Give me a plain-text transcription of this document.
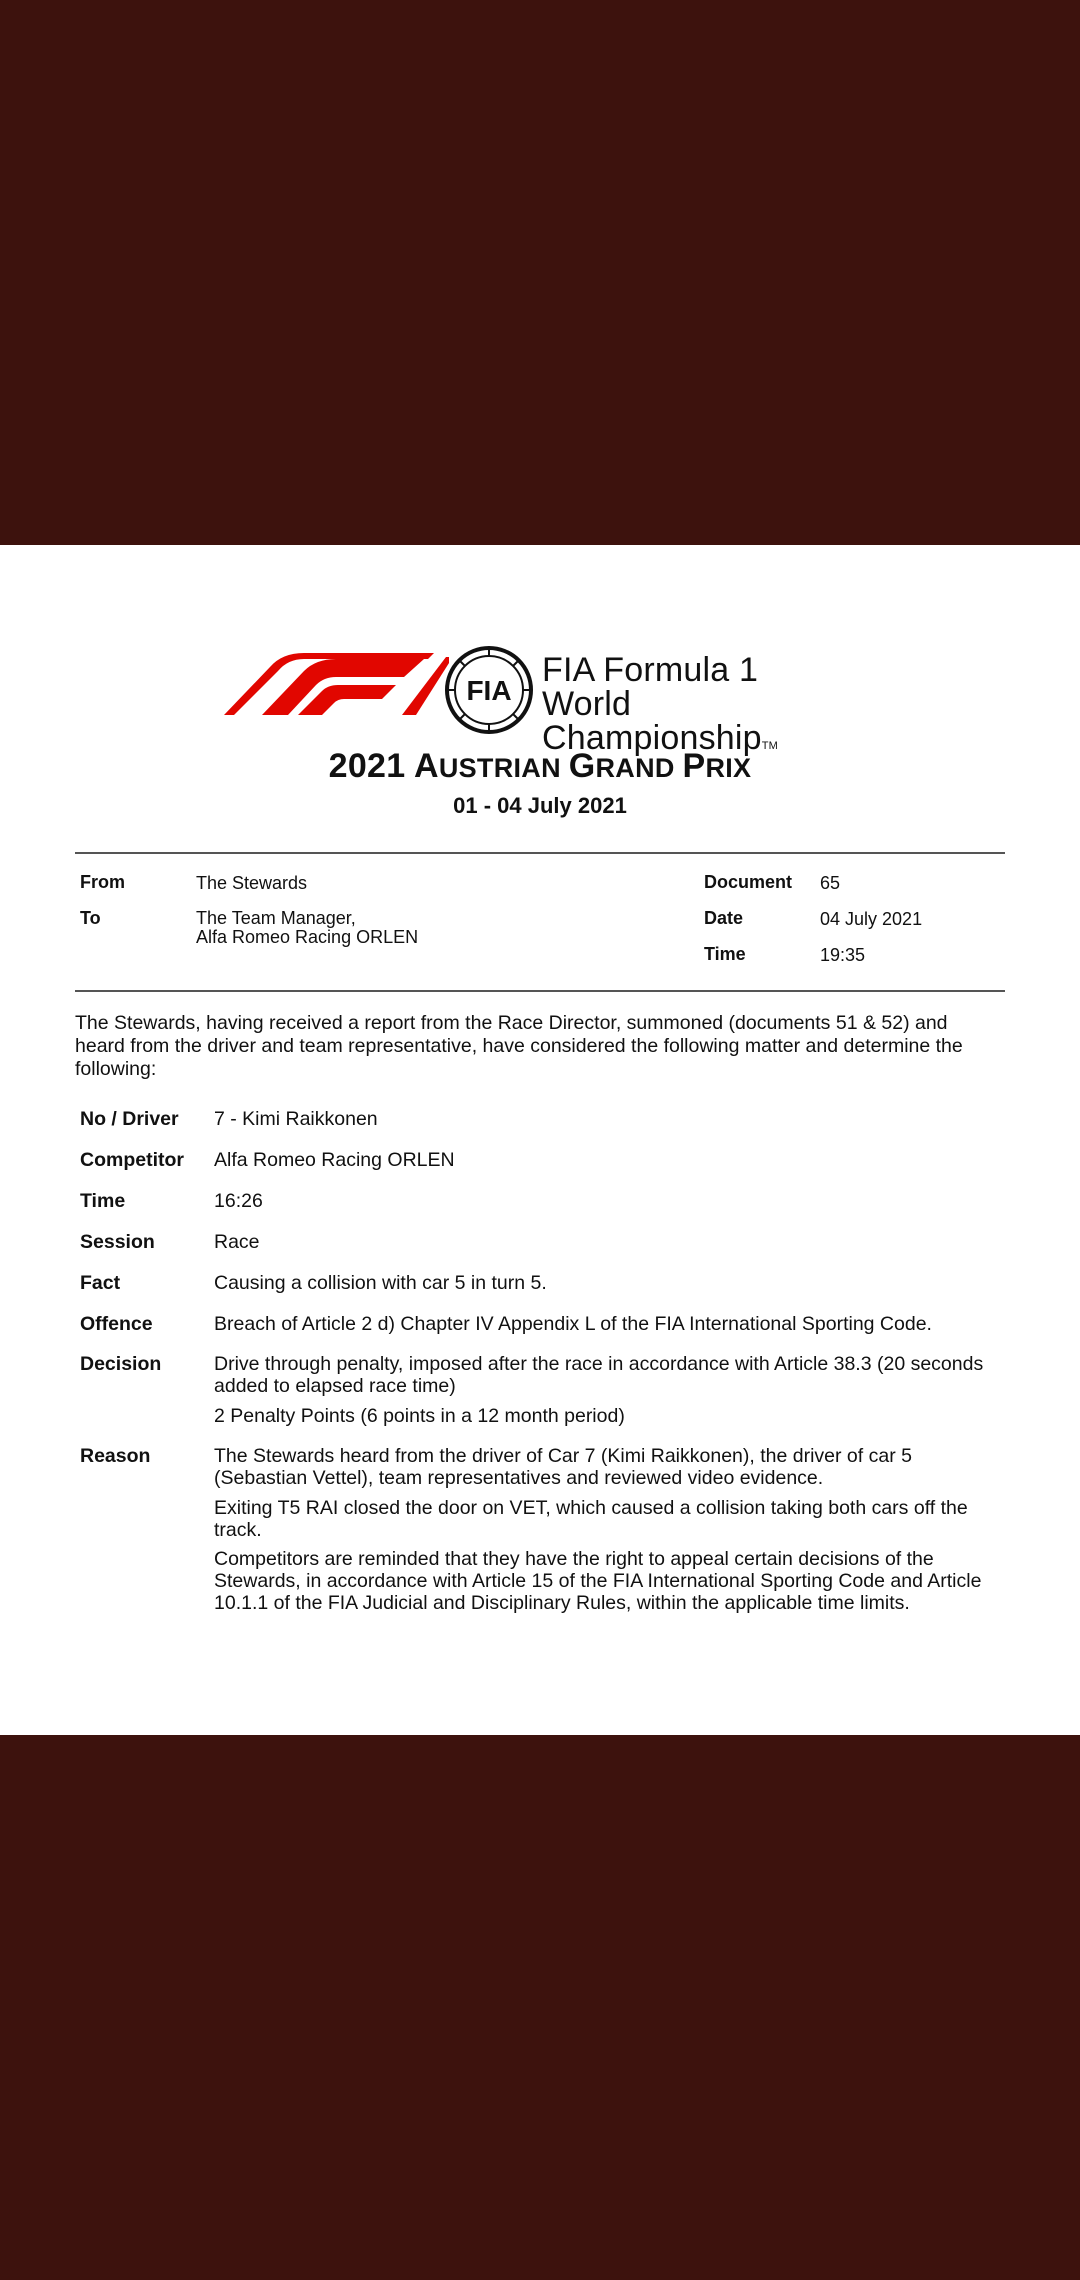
FIA
FIA Formula 1
World ChampionshipTM
2021 AUSTRIAN GRAND PRIX
01 - 04 July 2021
From	The Stewards
To	The Team Manager,
Alfa Romeo Racing ORLEN
Document 65
Date	04 July 2021
Time	19:35
The Stewards, having received a report from the Race Director, summoned (documents 51 & 52) and heard from the driver and team representative, have considered the following matter and determine the following:
No / Driver 7 - Kimi Raikkonen
Competitor Alfa Romeo Racing ORLEN
Time	16:26
Session	Race
Fact	Causing a collision with car 5 in turn 5.
Offence	Breach of Article 2 d) Chapter IV Appendix L of the FIA International Sporting Code.
Decision	Drive through penalty, imposed after the race in accordance with Article 38.3 (20 seconds added to elapsed race time)
2 Penalty Points (6 points in a 12 month period)
Reason	The Stewards heard from the driver of Car 7 (Kimi Raikkonen), the driver of car 5 (Sebastian Vettel), team representatives and reviewed video evidence.
Exiting T5 RAI closed the door on VET, which caused a collision taking both cars off the track.
Competitors are reminded that they have the right to appeal certain decisions of the Stewards, in accordance with Article 15 of the FIA International Sporting Code and Article 10.1.1 of the FIA Judicial and Disciplinary Rules, within the applicable time limits.
